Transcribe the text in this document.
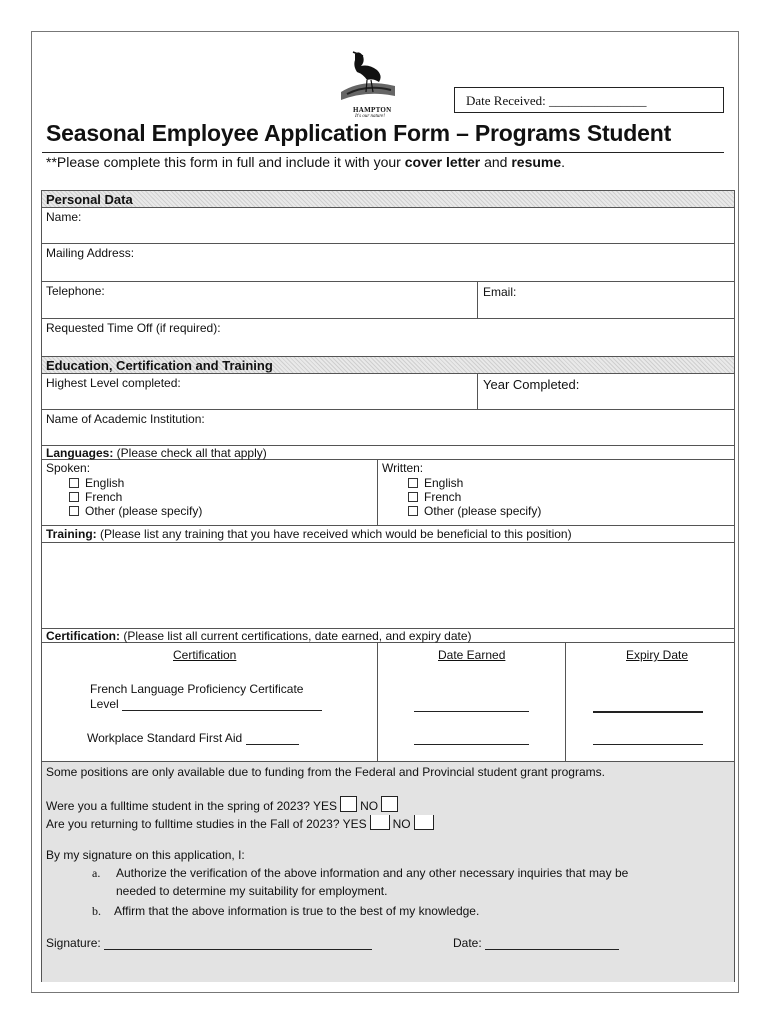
HAMPTON
It's our nature!
Date Received: _______________
Seasonal Employee Application Form – Programs Student
**Please complete this form in full and include it with your cover letter and resume.
Personal Data
Name:
Mailing Address:
Telephone:	Email:
Requested Time Off (if required):
Education, Certification and Training
Highest Level completed:	Year Completed:
Name of Academic Institution:
Languages: (Please check all that apply)
Spoken:
English
French
Other (please specify)
Written:
English
French
Other (please specify)
Training: (Please list any training that you have received which would be beneficial to this position)
Certification: (Please list all current certifications, date earned, and expiry date)
Certification	Date Earned	Expiry Date
French Language Proficiency Certificate
Level
Workplace Standard First Aid
Some positions are only available due to funding from the Federal and Provincial student grant programs.
Were you a fulltime student in the spring of 2023? YES NO
Are you returning to fulltime studies in the Fall of 2023? YES NO
By my signature on this application, I:
a. Authorize the verification of the above information and any other necessary inquiries that may be
needed to determine my suitability for employment.
b. Affirm that the above information is true to the best of my knowledge.
Signature:	Date:
